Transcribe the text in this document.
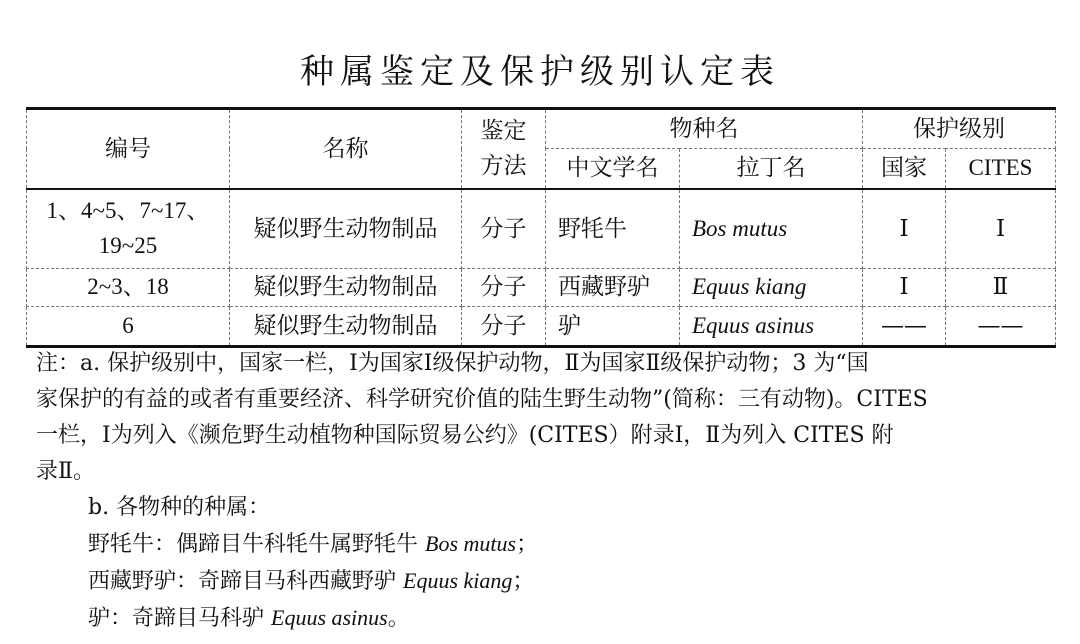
种属鉴定及保护级别认定表
编号	名称	鉴定
方法	物种名		保护级别	
			中文学名	拉丁名	国家	CITES

1、4~5、7~17、
19~25	疑似野生动物制品	分子	野牦牛	Bos mutus	Ⅰ	Ⅰ
2~3、18	疑似野生动物制品	分子	西藏野驴	Equus kiang	Ⅰ	Ⅱ
6	疑似野生动物制品	分子	驴	Equus asinus	——	——

注：a. 保护级别中，国家一栏，Ⅰ为国家Ⅰ级保护动物，Ⅱ为国家Ⅱ级保护动物；3 为“国

家保护的有益的或者有重要经济、科学研究价值的陆生野生动物”(简称：三有动物)。CITES

一栏，Ⅰ为列入《濒危野生动植物种国际贸易公约》(CITES）附录Ⅰ，Ⅱ为列入 CITES 附

录Ⅱ。

b. 各物种的种属：

野牦牛：偶蹄目牛科牦牛属野牦牛 Bos mutus；

西藏野驴：奇蹄目马科西藏野驴 Equus kiang；

驴：奇蹄目马科驴 Equus asinus。
